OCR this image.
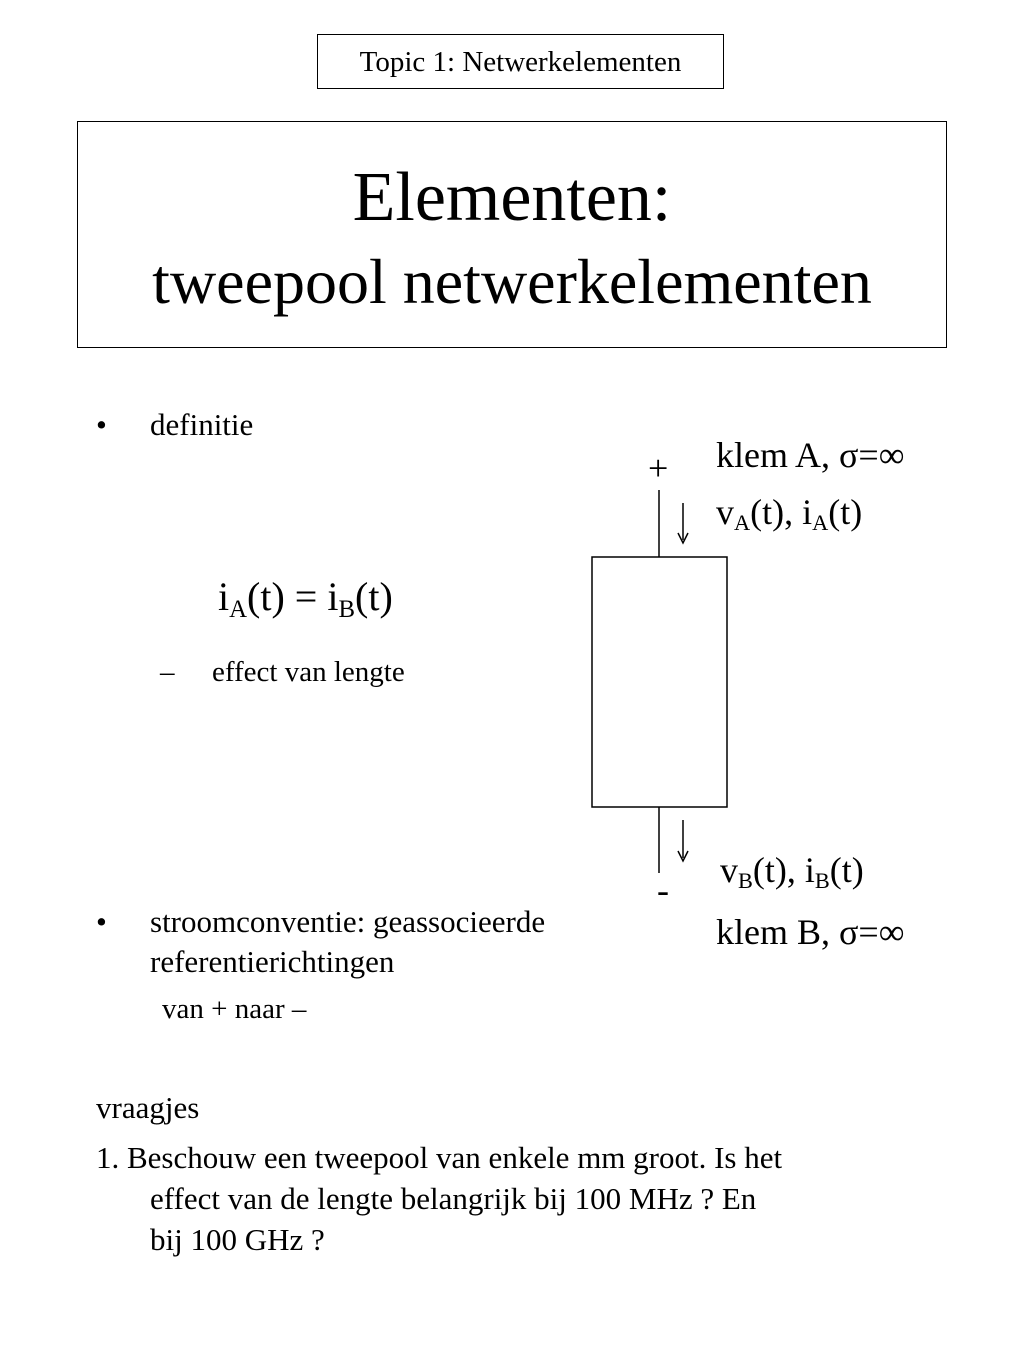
Topic 1: Netwerkelementen
Elementen:
tweepool netwerkelementen
• definitie
$i_A(t) = i_B(t)$
– effect van lengte
• stroomconventie: geassocieerde
referentierichtingen
van + naar –
+
-
klem A, σ=∞
$v_A(t)$, $i_A(t)$
$v_B(t)$, $i_B(t)$
klem B, σ=∞
vraagjes
1. Beschouw een tweepool van enkele mm groot. Is het
effect van de lengte belangrijk bij 100 MHz ? En
bij 100 GHz ?
